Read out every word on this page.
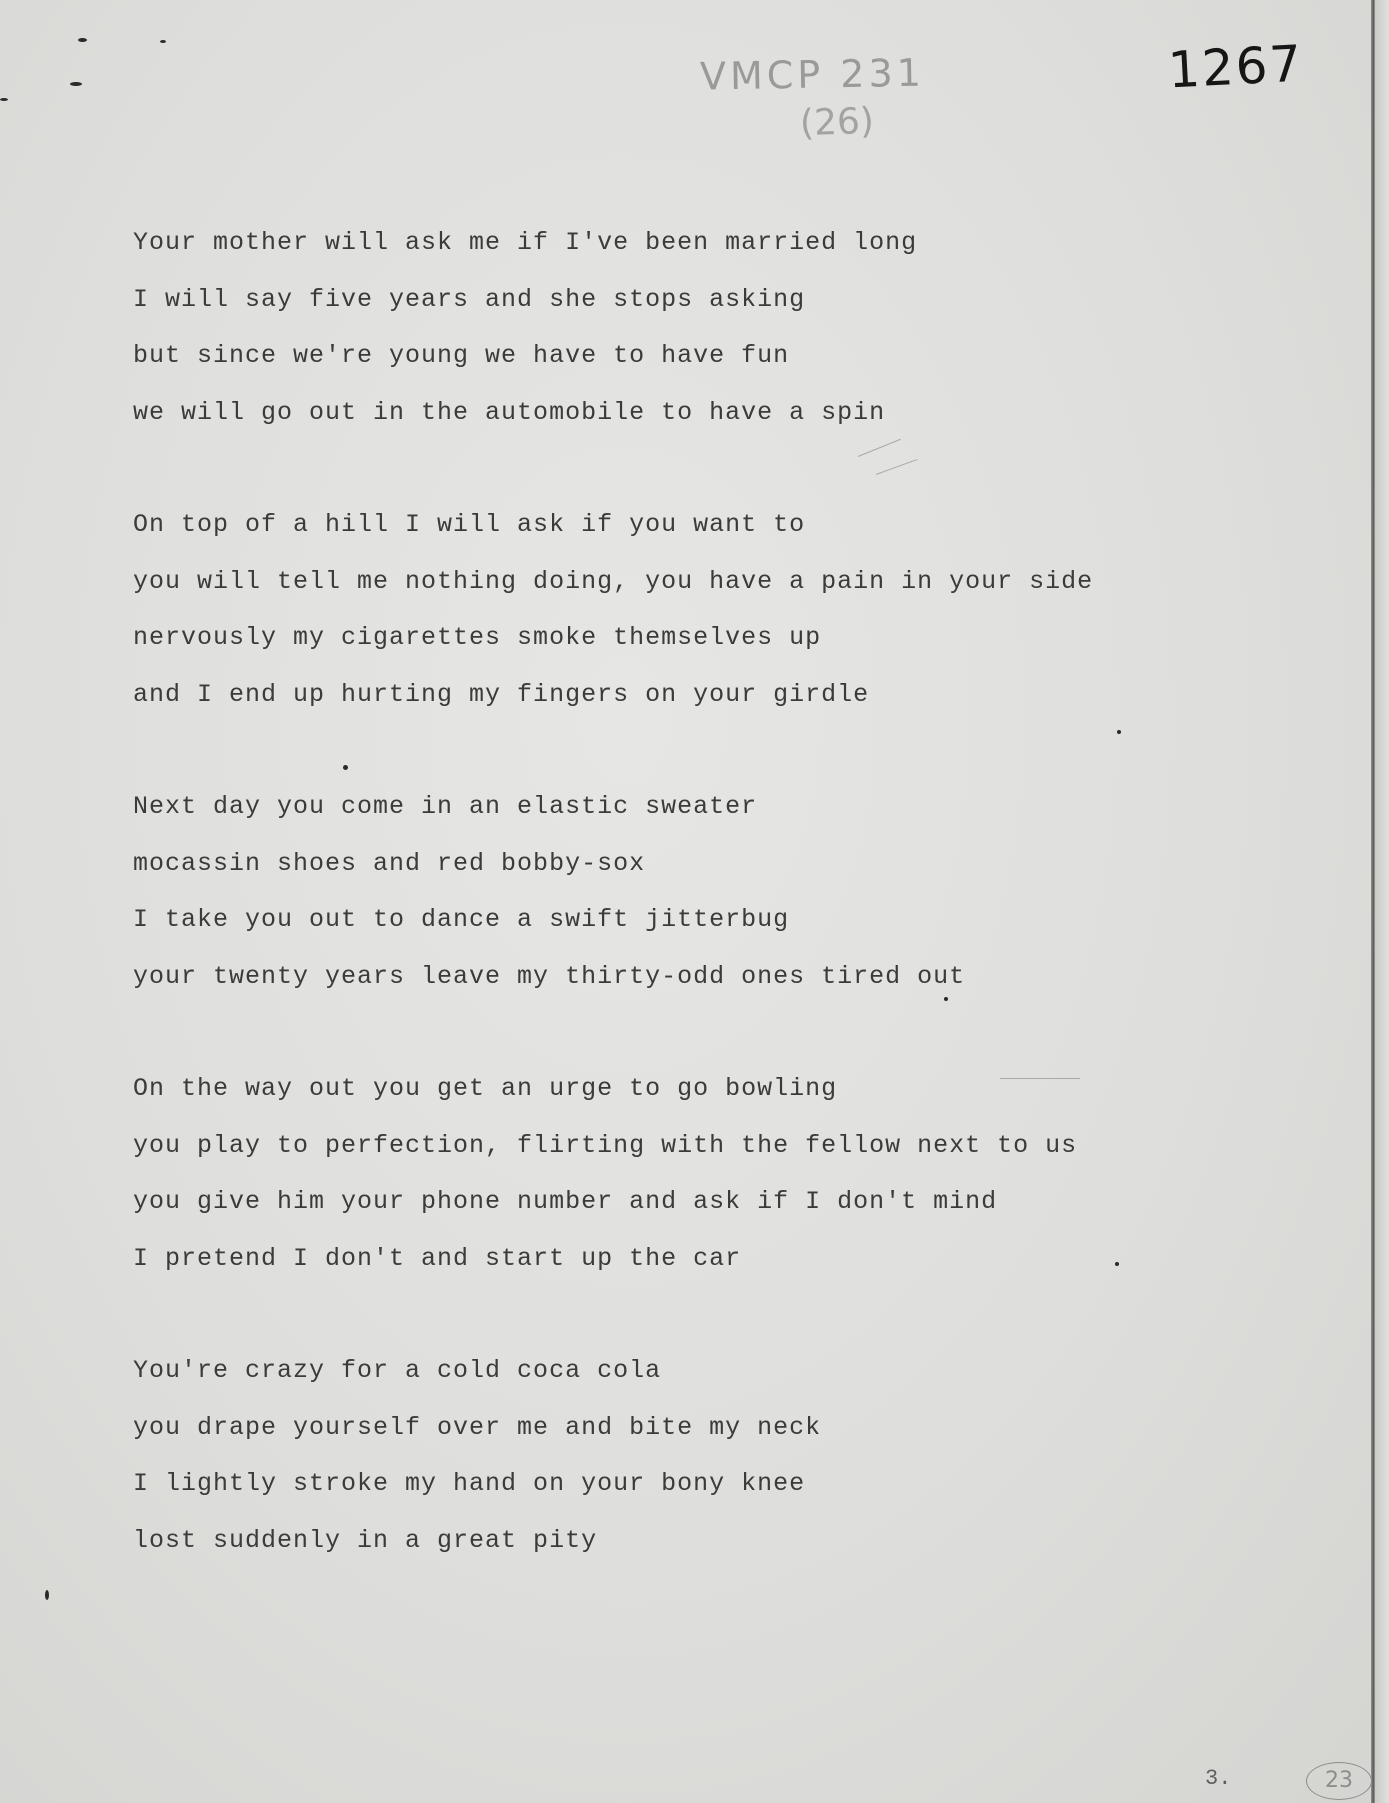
VMCP 231
(26)
1267
Your mother will ask me if I've been married long
I will say five years and she stops asking
but since we're young we have to have fun
we will go out in the automobile to have a spin
On top of a hill I will ask if you want to
you will tell me nothing doing, you have a pain in your side
nervously my cigarettes smoke themselves up
and I end up hurting my fingers on your girdle
Next day you come in an elastic sweater
mocassin shoes and red bobby-sox
I take you out to dance a swift jitterbug
your twenty years leave my thirty-odd ones tired out
On the way out you get an urge to go bowling
you play to perfection, flirting with the fellow next to us
you give him your phone number and ask if I don't mind
I pretend I don't and start up the car
You're crazy for a cold coca cola
you drape yourself over me and bite my neck
I lightly stroke my hand on your bony knee
lost suddenly in a great pity
3.	23
